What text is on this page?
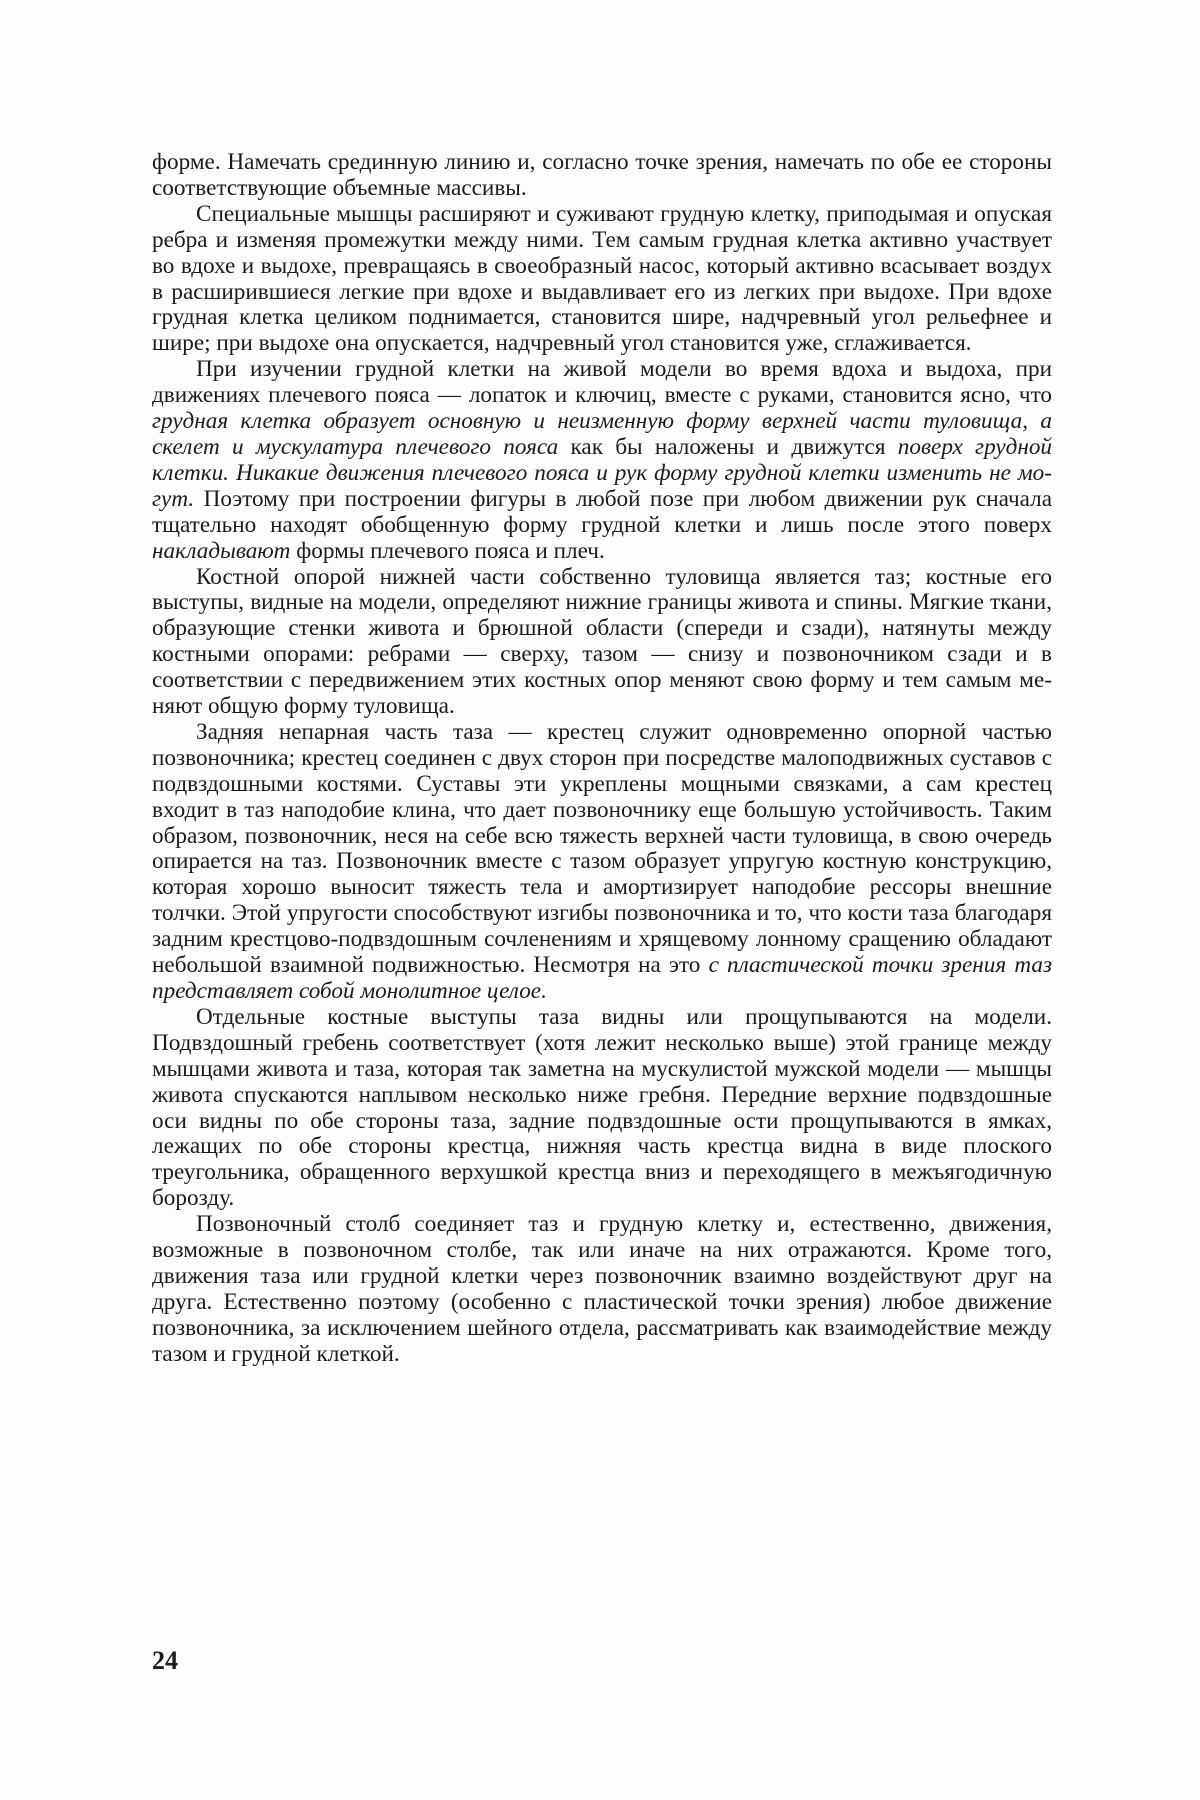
форме. Намечать срединную линию и, согласно точке зрения, намечать по обе ее стороны соответствующие объемные массивы.

Специальные мышцы расширяют и суживают грудную клетку, приподымая и опуская ребра и изменяя промежутки между ними. Тем самым грудная клетка активно участвует во вдохе и выдохе, превращаясь в своеобразный насос, который активно всасывает воздух в расширившиеся легкие при вдохе и выдавливает его из легких при выдохе. При вдохе грудная клетка целиком поднимается, становится шире, надчревный угол рельефнее и шире; при выдохе она опускается, надчревный угол становится уже, сглаживается.

При изучении грудной клетки на живой модели во время вдоха и выдоха, при движениях плечевого пояса — лопаток и ключиц, вместе с руками, становится ясно, что грудная клетка образует основную и неизменную форму верхней части туловища, а скелет и мускулатура плечевого пояса как бы наложены и движутся поверх грудной клетки. Никакие движения плечевого пояса и рук форму грудной клетки изменить не могут. Поэтому при построении фигуры в любой позе при любом движении рук сначала тщательно находят обобщенную форму грудной клетки и лишь после этого поверх накладывают формы плечевого пояса и плеч.

Костной опорой нижней части собственно туловища является таз; костные его выступы, видные на модели, определяют нижние границы живота и спины. Мягкие ткани, образующие стенки живота и брюшной области (спереди и сзади), натянуты между костными опорами: ребрами — сверху, тазом — снизу и позвоночником сзади и в соответствии с передвижением этих костных опор меняют свою форму и тем самым меняют общую форму туловища.

Задняя непарная часть таза — крестец служит одновременно опорной частью позвоночника; крестец соединен с двух сторон при посредстве малоподвижных суставов с подвздошными костями. Суставы эти укреплены мощными связками, а сам крестец входит в таз наподобие клина, что дает позвоночнику еще большую устойчивость. Таким образом, позвоночник, неся на себе всю тяжесть верхней части туловища, в свою очередь опирается на таз. Позвоночник вместе с тазом образует упругую костную конструкцию, которая хорошо выносит тяжесть тела и амортизирует наподобие рессоры внешние толчки. Этой упругости способствуют изгибы позвоночника и то, что кости таза благодаря задним крестцово-подвздошным сочленениям и хрящевому лонному сращению обладают небольшой взаимной подвижностью. Несмотря на это с пластической точки зрения таз представляет собой монолитное целое.

Отдельные костные выступы таза видны или прощупываются на модели. Подвздошный гребень соответствует (хотя лежит несколько выше) этой границе между мышцами живота и таза, которая так заметна на мускулистой мужской модели — мышцы живота спускаются наплывом несколько ниже гребня. Передние верхние подвздошные оси видны по обе стороны таза, задние подвздошные ости прощупываются в ямках, лежащих по обе стороны крестца, нижняя часть крестца видна в виде плоского треугольника, обращенного верхушкой крестца вниз и переходящего в межъягодичную борозду.

Позвоночный столб соединяет таз и грудную клетку и, естественно, движения, возможные в позвоночном столбе, так или иначе на них отражаются. Кроме того, движения таза или грудной клетки через позвоночник взаимно воздействуют друг на друга. Естественно поэтому (особенно с пластической точки зрения) любое движение позвоночника, за исключением шейного отдела, рассматривать как взаимодействие между тазом и грудной клеткой.

24
